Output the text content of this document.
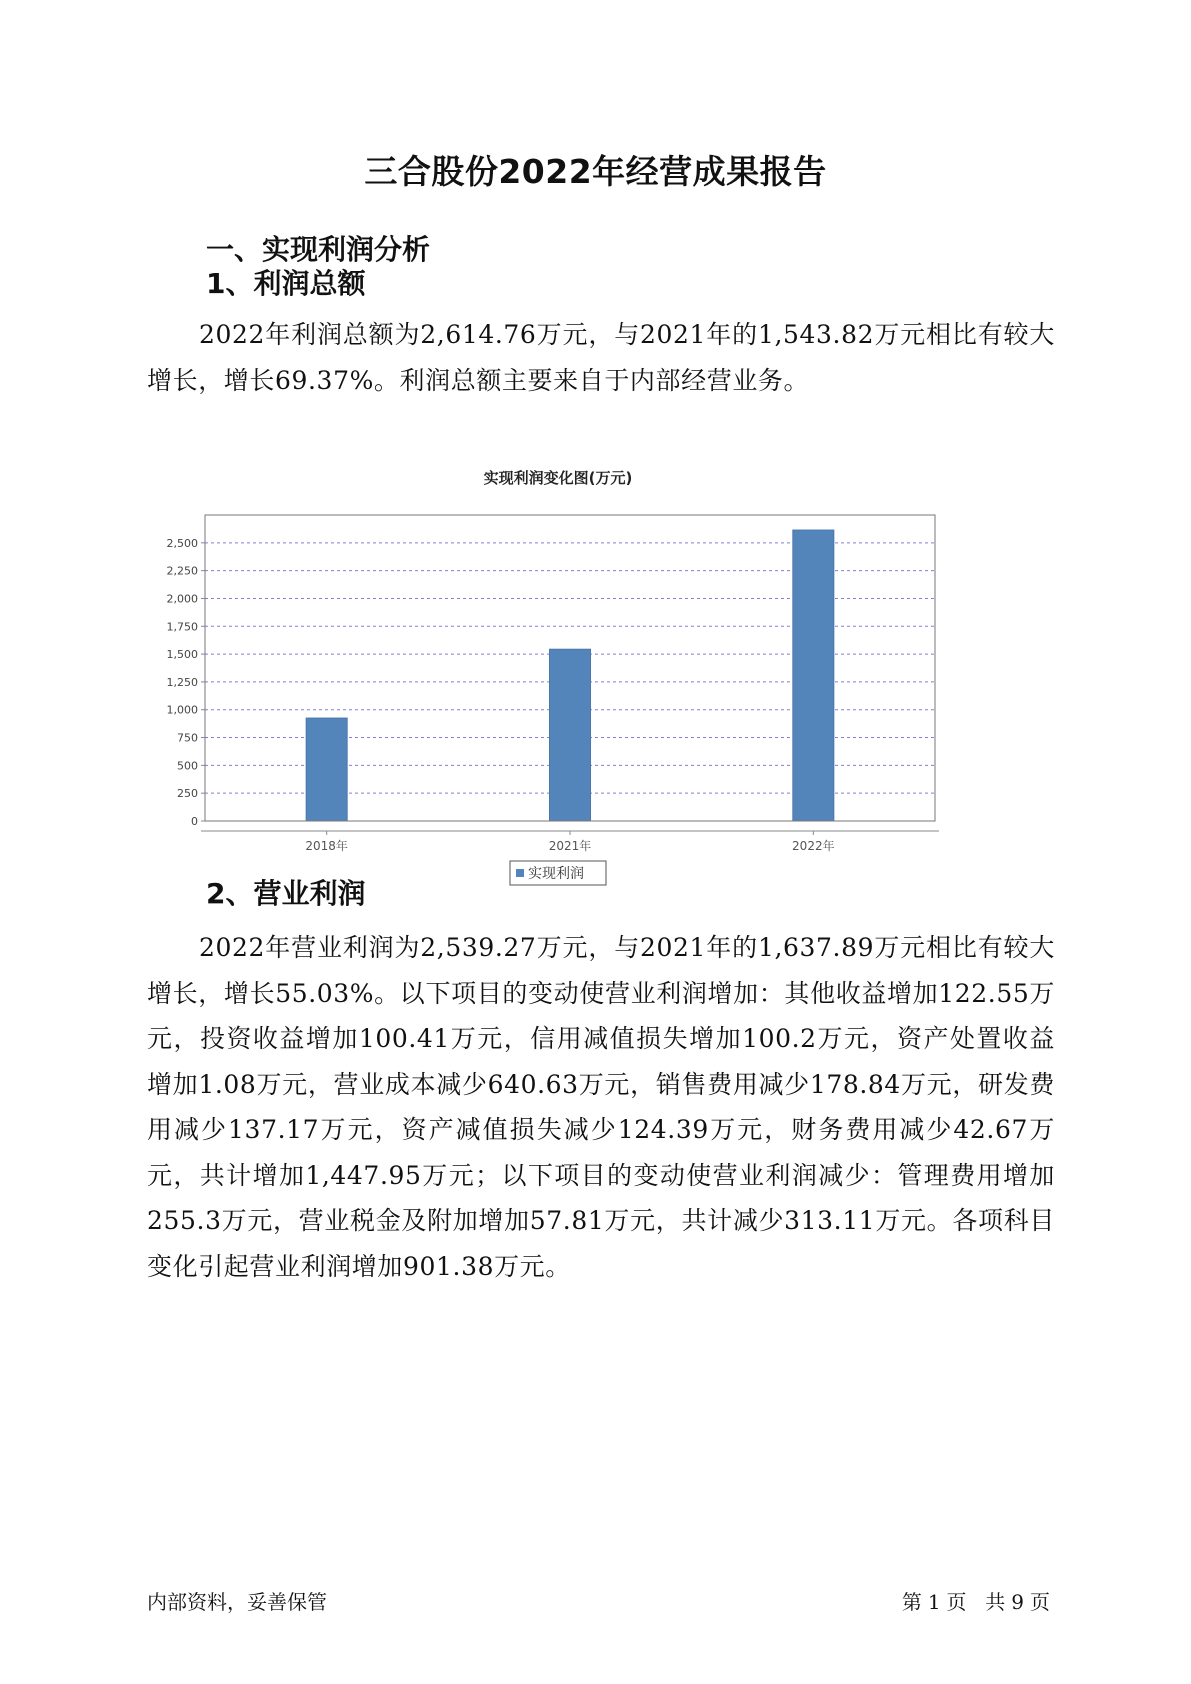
三合股份2022年经营成果报告
一、实现利润分析
1、利润总额

2022年利润总额为2,614.76万元，与2021年的1,543.82万元相比有较大增长，增长69.37%。利润总额主要来自于内部经营业务。

实现利润变化图(万元)
0
250
500
750
1,000
1,250
1,500
1,750
2,000
2,250
2,500
2018年	2021年	2022年
实现利润
2、营业利润

2022年营业利润为2,539.27万元，与2021年的1,637.89万元相比有较大增长，增长55.03%。以下项目的变动使营业利润增加：其他收益增加122.55万元，投资收益增加100.41万元，信用减值损失增加100.2万元，资产处置收益增加1.08万元，营业成本减少640.63万元，销售费用减少178.84万元，研发费用减少137.17万元，资产减值损失减少124.39万元，财务费用减少42.67万元，共计增加1,447.95万元；以下项目的变动使营业利润减少：管理费用增加255.3万元，营业税金及附加增加57.81万元，共计减少313.11万元。各项科目变化引起营业利润增加901.38万元。

内部资料，妥善保管	第 1 页 共 9 页
